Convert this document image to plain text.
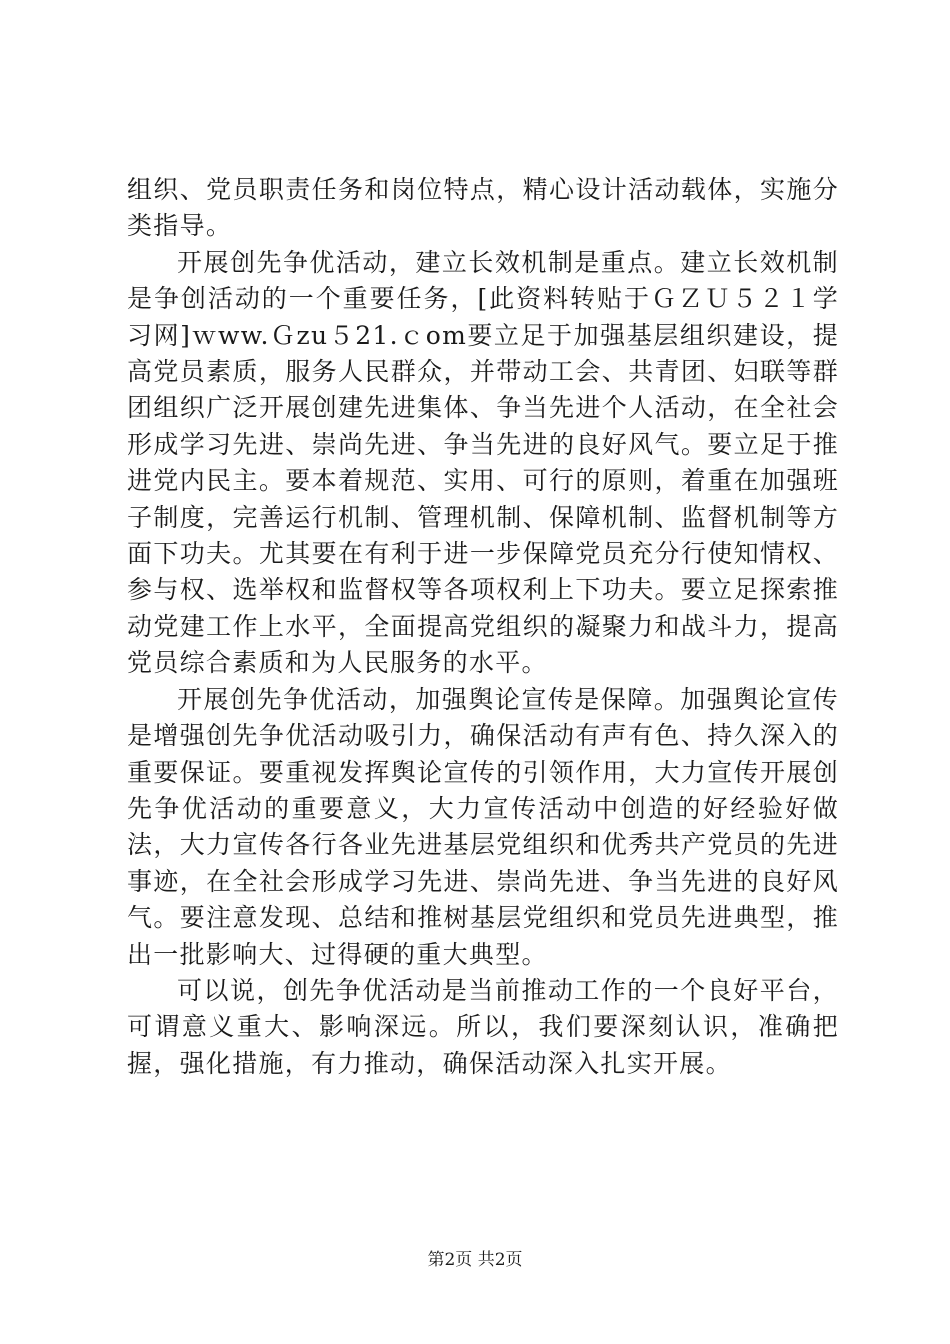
组织、党员职责任务和岗位特点，精心设计活动载体，实施分类指导。

开展创先争优活动，建立长效机制是重点。建立长效机制是争创活动的一个重要任务，[此资料转贴于ＧＺＵ５２１学习网]ｗww.Ｇzu５21.ｃom要立足于加强基层组织建设，提高党员素质，服务人民群众，并带动工会、共青团、妇联等群团组织广泛开展创建先进集体、争当先进个人活动，在全社会形成学习先进、崇尚先进、争当先进的良好风气。要立足于推进党内民主。要本着规范、实用、可行的原则，着重在加强班子制度，完善运行机制、管理机制、保障机制、监督机制等方面下功夫。尤其要在有利于进一步保障党员充分行使知情权、参与权、选举权和监督权等各项权利上下功夫。要立足探索推动党建工作上水平，全面提高党组织的凝聚力和战斗力，提高党员综合素质和为人民服务的水平。

开展创先争优活动，加强舆论宣传是保障。加强舆论宣传是增强创先争优活动吸引力，确保活动有声有色、持久深入的重要保证。要重视发挥舆论宣传的引领作用，大力宣传开展创先争优活动的重要意义，大力宣传活动中创造的好经验好做法，大力宣传各行各业先进基层党组织和优秀共产党员的先进事迹，在全社会形成学习先进、崇尚先进、争当先进的良好风气。要注意发现、总结和推树基层党组织和党员先进典型，推出一批影响大、过得硬的重大典型。

可以说，创先争优活动是当前推动工作的一个良好平台，可谓意义重大、影响深远。所以，我们要深刻认识，准确把握，强化措施，有力推动，确保活动深入扎实开展。

第2页 共2页
